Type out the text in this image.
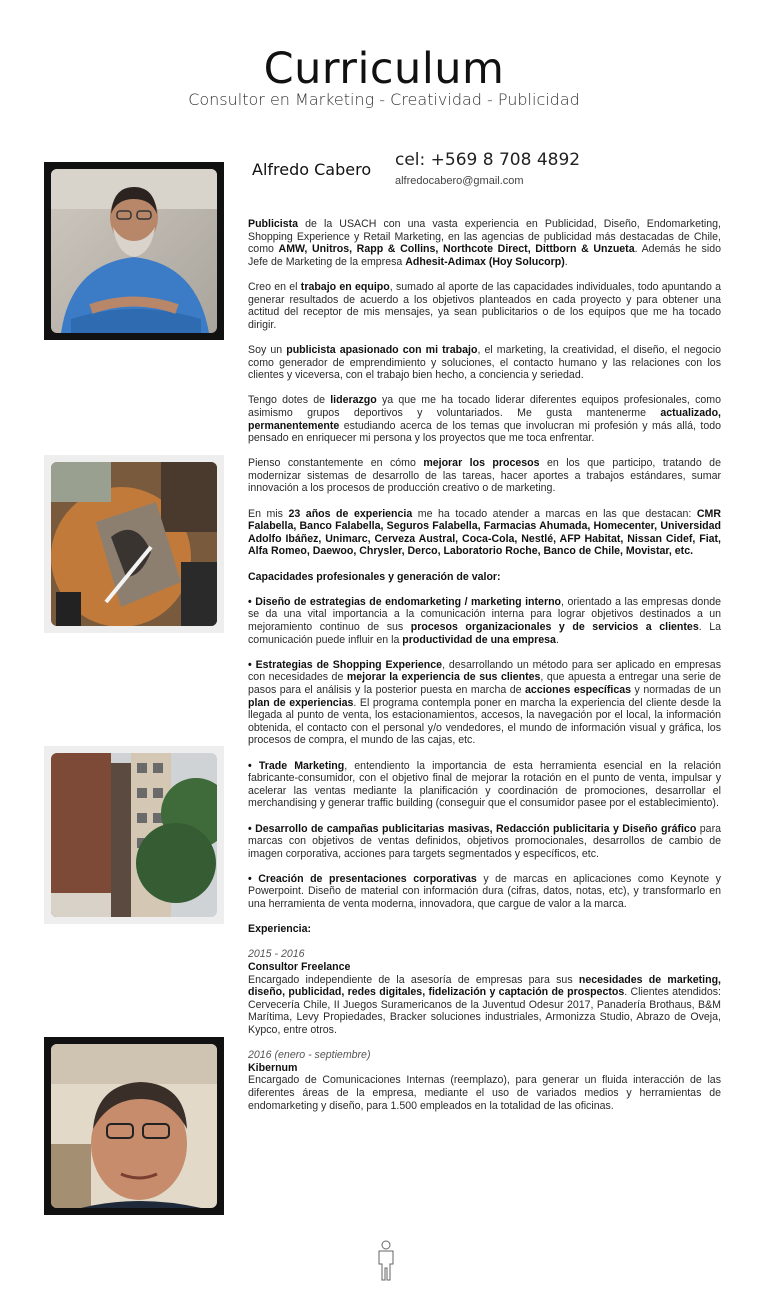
Curriculum
Consultor en Marketing - Creatividad - Publicidad
Alfredo Cabero cel: +569 8 708 4892
alfredocabero@gmail.com

Publicista de la USACH con una vasta experiencia en Publicidad, Diseño, Endomarketing, Shopping Experience y Retail Marketing, en las agencias de publicidad más destacadas de Chile, como AMW, Unitros, Rapp & Collins, Northcote Direct, Dittborn & Unzueta. Además he sido Jefe de Marketing de la empresa Adhesit-Adimax (Hoy Solucorp).

Creo en el trabajo en equipo, sumado al aporte de las capacidades individuales, todo apuntando a generar resultados de acuerdo a los objetivos planteados en cada proyecto y para obtener una actitud del receptor de mis mensajes, ya sean publicitarios o de los equipos que me ha tocado dirigir.

Soy un publicista apasionado con mi trabajo, el marketing, la creatividad, el diseño, el negocio como generador de emprendimiento y soluciones, el contacto humano y las relaciones con los clientes y viceversa, con el trabajo bien hecho, a conciencia y seriedad.

Tengo dotes de liderazgo ya que me ha tocado liderar diferentes equipos profesionales, como asimismo grupos deportivos y voluntariados. Me gusta mantenerme actualizado, permanentemente estudiando acerca de los temas que involucran mi profesión y más allá, todo pensado en enriquecer mi persona y los proyectos que me toca enfrentar.

Pienso constantemente en cómo mejorar los procesos en los que participo, tratando de modernizar sistemas de desarrollo de las tareas, hacer aportes a trabajos estándares, sumar innovación a los procesos de producción creativo o de marketing.

En mis 23 años de experiencia me ha tocado atender a marcas en las que destacan: CMR Falabella, Banco Falabella, Seguros Falabella, Farmacias Ahumada, Homecenter, Universidad Adolfo Ibáñez, Unimarc, Cerveza Austral, Coca-Cola, Nestlé, AFP Habitat, Nissan Cidef, Fiat, Alfa Romeo, Daewoo, Chrysler, Derco, Laboratorio Roche, Banco de Chile, Movistar, etc.

Capacidades profesionales y generación de valor:

• Diseño de estrategias de endomarketing / marketing interno, orientado a las empresas donde se da una vital importancia a la comunicación interna para lograr objetivos destinados a un mejoramiento continuo de sus procesos organizacionales y de servicios a clientes. La comunicación puede influir en la productividad de una empresa.

• Estrategias de Shopping Experience, desarrollando un método para ser aplicado en empresas con necesidades de mejorar la experiencia de sus clientes, que apuesta a entregar una serie de pasos para el análisis y la posterior puesta en marcha de acciones específicas y normadas de un plan de experiencias. El programa contempla poner en marcha la experiencia del cliente desde la llegada al punto de venta, los estacionamientos, accesos, la navegación por el local, la información obtenida, el contacto con el personal y/o vendedores, el mundo de información visual y gráfica, los procesos de compra, el mundo de las cajas, etc.

• Trade Marketing, entendiento la importancia de esta herramienta esencial en la relación fabricante-consumidor, con el objetivo final de mejorar la rotación en el punto de venta, impulsar y acelerar las ventas mediante la planificación y coordinación de promociones, desarrollar el merchandising y generar traffic building (conseguir que el consumidor pasee por el establecimiento).

• Desarrollo de campañas publicitarias masivas, Redacción publicitaria y Diseño gráfico para marcas con objetivos de ventas definidos, objetivos promocionales, desarrollos de cambio de imagen corporativa, acciones para targets segmentados y específicos, etc.

• Creación de presentaciones corporativas y de marcas en aplicaciones como Keynote y Powerpoint. Diseño de material con información dura (cifras, datos, notas, etc), y transformarlo en una herramienta de venta moderna, innovadora, que cargue de valor a la marca.

Experiencia:

2015 - 2016
Consultor Freelance
Encargado independiente de la asesoría de empresas para sus necesidades de marketing, diseño, publicidad, redes digitales, fidelización y captación de prospectos. Clientes atendidos: Cervecería Chile, II Juegos Suramericanos de la Juventud Odesur 2017, Panadería Brothaus, B&M Marítima, Levy Propiedades, Bracker soluciones industriales, Armonizza Studio, Abrazo de Oveja, Kypco, entre otros.

2016 (enero - septiembre)
Kibernum
Encargado de Comunicaciones Internas (reemplazo), para generar un fluida interacción de las diferentes áreas de la empresa, mediante el uso de variados medios y herramientas de endomarketing y diseño, para 1.500 empleados en la totalidad de las oficinas.
